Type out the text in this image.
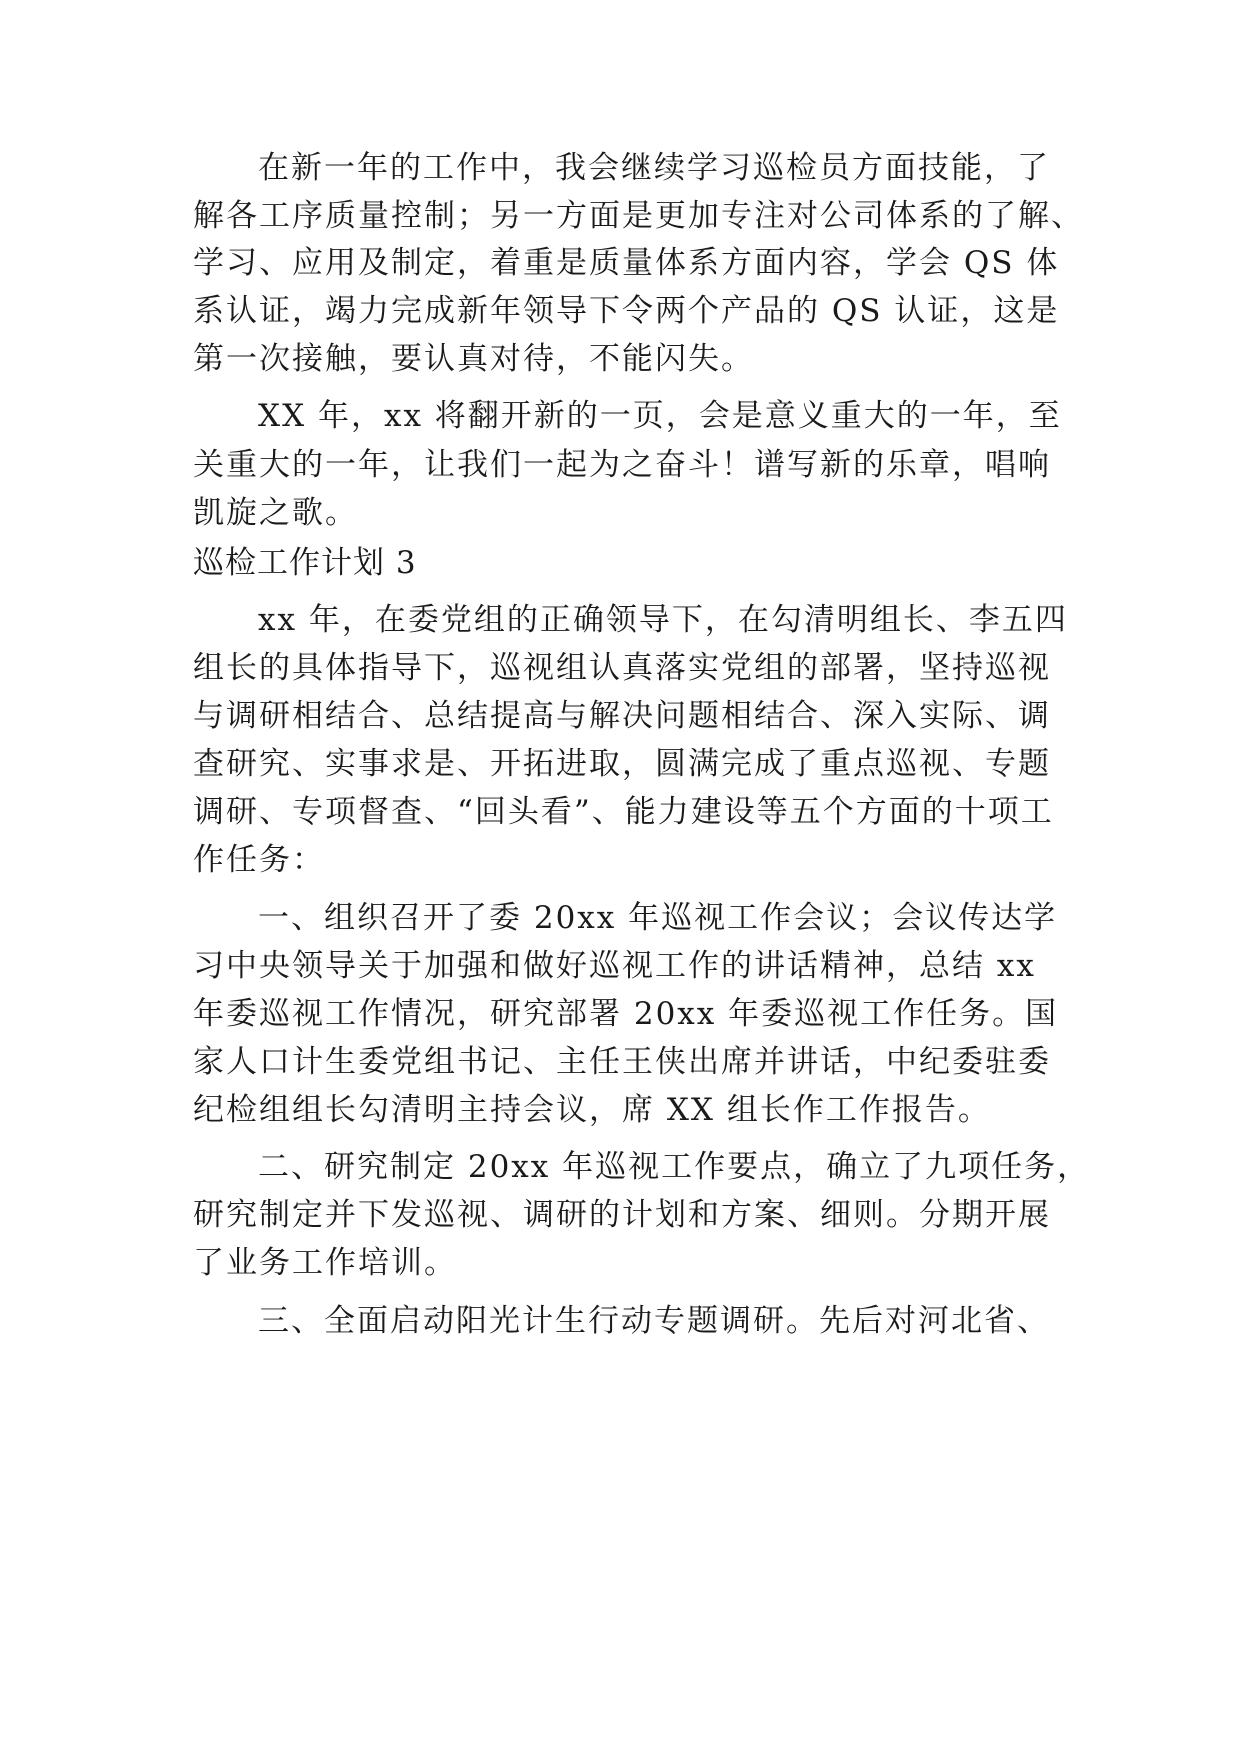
在新一年的工作中，我会继续学习巡检员方面技能，了
解各工序质量控制；另一方面是更加专注对公司体系的了解、
学习、应用及制定，着重是质量体系方面内容，学会 QS 体
系认证，竭力完成新年领导下令两个产品的 QS 认证，这是
第一次接触，要认真对待，不能闪失。
XX 年，xx 将翻开新的一页，会是意义重大的一年，至
关重大的一年，让我们一起为之奋斗！谱写新的乐章，唱响
凯旋之歌。
巡检工作计划 3
xx 年，在委党组的正确领导下，在勾清明组长、李五四
组长的具体指导下，巡视组认真落实党组的部署，坚持巡视
与调研相结合、总结提高与解决问题相结合、深入实际、调
查研究、实事求是、开拓进取，圆满完成了重点巡视、专题
调研、专项督查、“回头看”、能力建设等五个方面的十项工
作任务：
一、组织召开了委 20xx 年巡视工作会议；会议传达学
习中央领导关于加强和做好巡视工作的讲话精神，总结 xx
年委巡视工作情况，研究部署 20xx 年委巡视工作任务。国
家人口计生委党组书记、主任王侠出席并讲话，中纪委驻委
纪检组组长勾清明主持会议，席 XX 组长作工作报告。
二、研究制定 20xx 年巡视工作要点，确立了九项任务，
研究制定并下发巡视、调研的计划和方案、细则。分期开展
了业务工作培训。
三、全面启动阳光计生行动专题调研。先后对河北省、
